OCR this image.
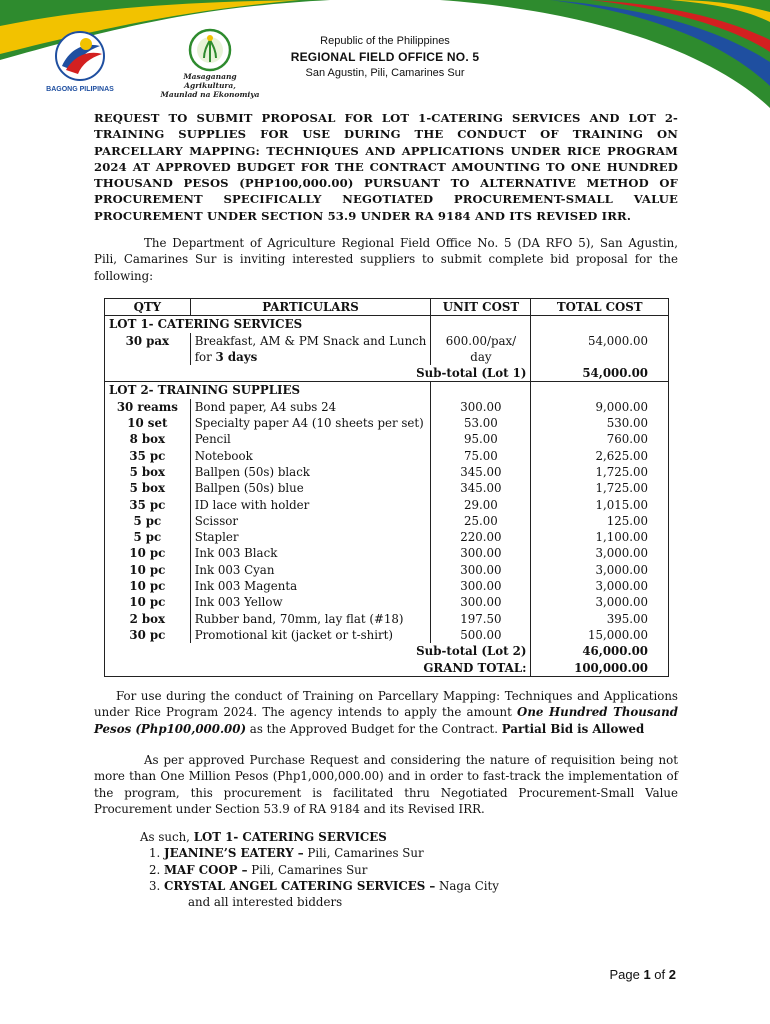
BAGONG PILIPINAS
Masaganang Agrikultura,
Maunlad na Ekonomiya
Republic of the Philippines
REGIONAL FIELD OFFICE NO. 5
San Agustin, Pili, Camarines Sur
REQUEST TO SUBMIT PROPOSAL FOR LOT 1-CATERING SERVICES AND LOT 2- TRAINING SUPPLIES FOR USE DURING THE CONDUCT OF TRAINING ON PARCELLARY MAPPING: TECHNIQUES AND APPLICATIONS UNDER RICE PROGRAM 2024 AT APPROVED BUDGET FOR THE CONTRACT AMOUNTING TO ONE HUNDRED THOUSAND PESOS (PHP100,000.00) PURSUANT TO ALTERNATIVE METHOD OF PROCUREMENT SPECIFICALLY NEGOTIATED PROCUREMENT-SMALL VALUE PROCUREMENT UNDER SECTION 53.9 UNDER RA 9184 AND ITS REVISED IRR.
The Department of Agriculture Regional Field Office No. 5 (DA RFO 5), San Agustin, Pili, Camarines Sur is inviting interested suppliers to submit complete bid proposal for the following:
QTY	PARTICULARS	UNIT COST	TOTAL COST
LOT 1- CATERING SERVICES			
30 pax	Breakfast, AM & PM Snack and Lunch for 3 days	600.00/pax/ day	54,000.00
Sub-total (Lot 1)			54,000.00
LOT 2- TRAINING SUPPLIES			
30 reams	Bond paper, A4 subs 24	300.00	9,000.00
10 set	Specialty paper A4 (10 sheets per set)	53.00	530.00
8 box	Pencil	95.00	760.00
35 pc	Notebook	75.00	2,625.00
5 box	Ballpen (50s) black	345.00	1,725.00
5 box	Ballpen (50s) blue	345.00	1,725.00
35 pc	ID lace with holder	29.00	1,015.00
5 pc	Scissor	25.00	125.00
5 pc	Stapler	220.00	1,100.00
10 pc	Ink 003 Black	300.00	3,000.00
10 pc	Ink 003 Cyan	300.00	3,000.00
10 pc	Ink 003 Magenta	300.00	3,000.00
10 pc	Ink 003 Yellow	300.00	3,000.00
2 box	Rubber band, 70mm, lay flat (#18)	197.50	395.00
30 pc	Promotional kit (jacket or t-shirt)	500.00	15,000.00
Sub-total (Lot 2)			46,000.00
GRAND TOTAL:			100,000.00
For use during the conduct of Training on Parcellary Mapping: Techniques and Applications under Rice Program 2024. The agency intends to apply the amount One Hundred Thousand Pesos (Php100,000.00) as the Approved Budget for the Contract. Partial Bid is Allowed
As per approved Purchase Request and considering the nature of requisition being not more than One Million Pesos (Php1,000,000.00) and in order to fast-track the implementation of the program, this procurement is facilitated thru Negotiated Procurement-Small Value Procurement under Section 53.9 of RA 9184 and its Revised IRR.
As such, LOT 1- CATERING SERVICES
1. JEANINE’S EATERY – Pili, Camarines Sur
2. MAF COOP – Pili, Camarines Sur
3. CRYSTAL ANGEL CATERING SERVICES – Naga City
and all interested bidders
Page 1 of 2
